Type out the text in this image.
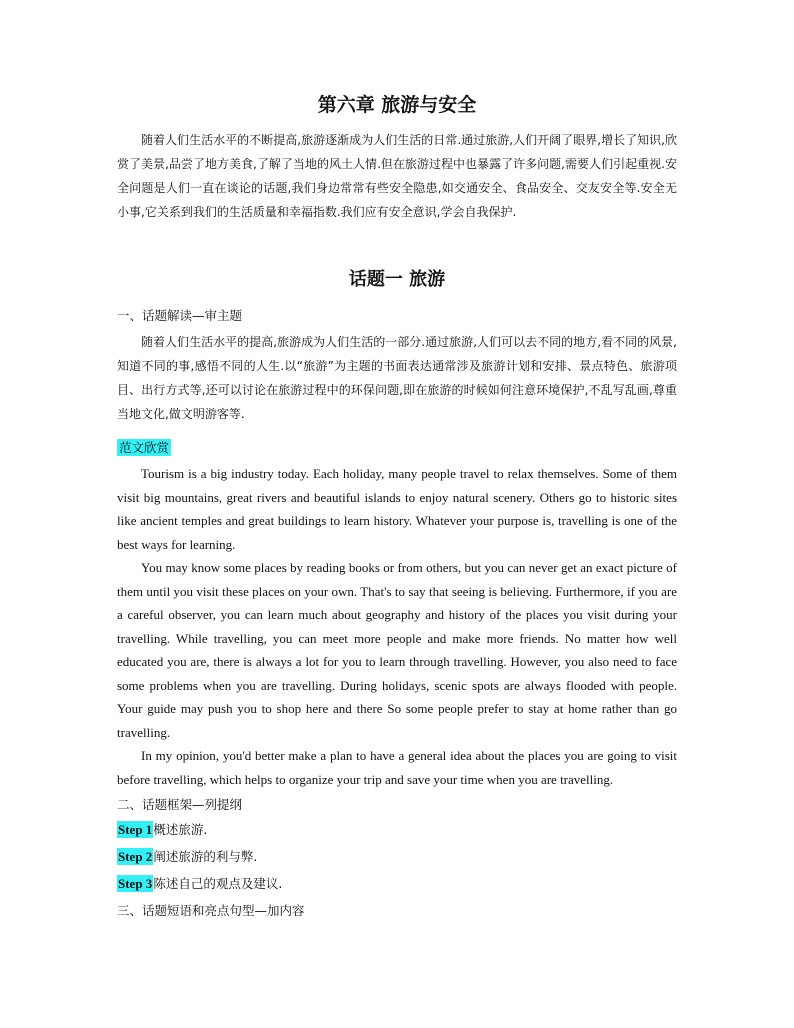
第六章 旅游与安全

随着人们生活水平的不断提高,旅游逐渐成为人们生活的日常.通过旅游,人们开阔了眼界,增长了知识,欣赏了美景,品尝了地方美食,了解了当地的风土人情.但在旅游过程中也暴露了许多问题,需要人们引起重视.安全问题是人们一直在谈论的话题,我们身边常常有些安全隐患,如交通安全、食品安全、交友安全等.安全无小事,它关系到我们的生活质量和幸福指数.我们应有安全意识,学会自我保护.

话题一 旅游
一、话题解读—审主题

随着人们生活水平的提高,旅游成为人们生活的一部分.通过旅游,人们可以去不同的地方,看不同的风景,知道不同的事,感悟不同的人生.以“旅游”为主题的书面表达通常涉及旅游计划和安排、景点特色、旅游项目、出行方式等,还可以讨论在旅游过程中的环保问题,即在旅游的时候如何注意环境保护,不乱写乱画,尊重当地文化,做文明游客等.

范文欣赏

Tourism is a big industry today. Each holiday, many people travel to relax themselves. Some of them visit big mountains, great rivers and beautiful islands to enjoy natural scenery. Others go to historic sites like ancient temples and great buildings to learn history. Whatever your purpose is, travelling is one of the best ways for learning.

You may know some places by reading books or from others, but you can never get an exact picture of them until you visit these places on your own. That's to say that seeing is believing. Furthermore, if you are a careful observer, you can learn much about geography and history of the places you visit during your travelling. While travelling, you can meet more people and make more friends. No matter how well educated you are, there is always a lot for you to learn through travelling. However, you also need to face some problems when you are travelling. During holidays, scenic spots are always flooded with people. Your guide may push you to shop here and there So some people prefer to stay at home rather than go travelling.

In my opinion, you'd better make a plan to have a general idea about the places you are going to visit before travelling, which helps to organize your trip and save your time when you are travelling.

二、话题框架—列提纲
Step 1概述旅游.
Step 2阐述旅游的利与弊.
Step 3陈述自己的观点及建议.
三、话题短语和亮点句型—加内容
